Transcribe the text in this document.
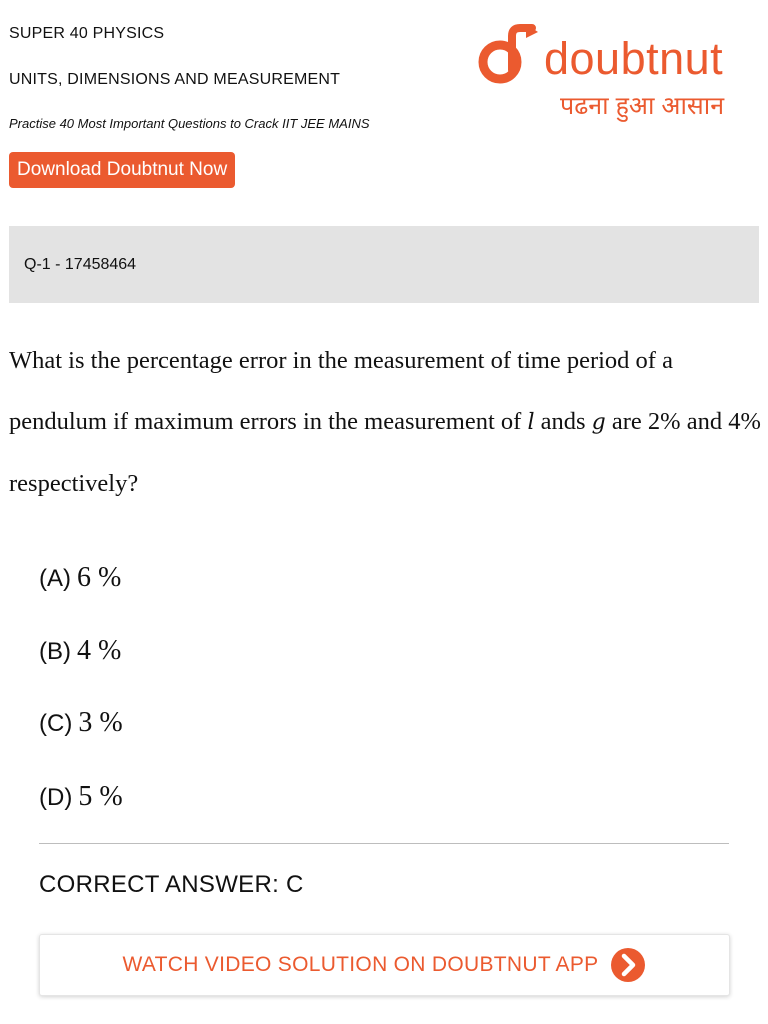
SUPER 40 PHYSICS
UNITS, DIMENSIONS AND MEASUREMENT
Practise 40 Most Important Questions to Crack IIT JEE MAINS
Download Doubtnut Now
doubtnut
पढना हुआ आसान
Q-1 - 17458464
What is the percentage error in the measurement of time period of a pendulum if maximum errors in the measurement of l ands g are 2% and 4% respectively?
(A) 6 %
(B) 4 %
(C) 3 %
(D) 5 %
CORRECT ANSWER: C
WATCH VIDEO SOLUTION ON DOUBTNUT APP
